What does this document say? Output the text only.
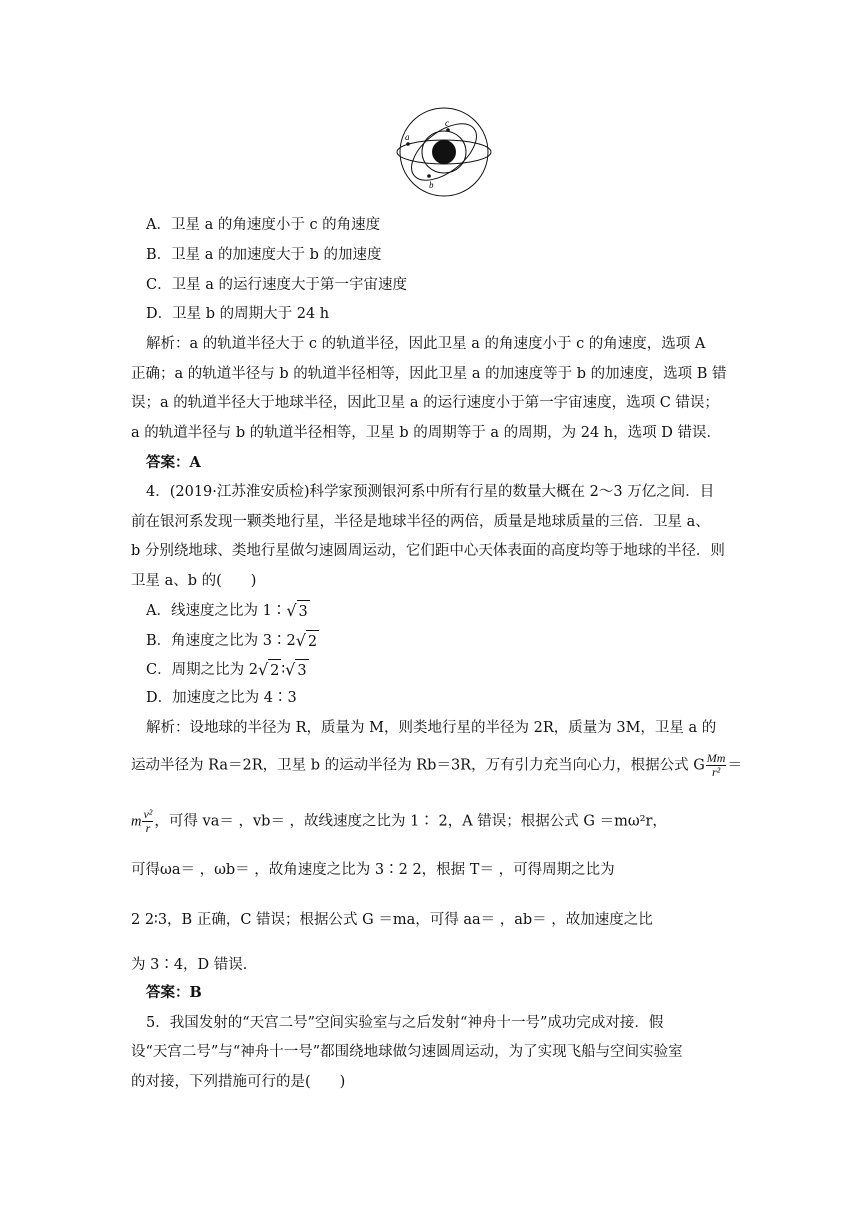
a
c
b
A．卫星 a 的角速度小于 c 的角速度
B．卫星 a 的加速度大于 b 的加速度
C．卫星 a 的运行速度大于第一宇宙速度
D．卫星 b 的周期大于 24 h
解析：a 的轨道半径大于 c 的轨道半径，因此卫星 a 的角速度小于 c 的角速度，选项 A
正确；a 的轨道半径与 b 的轨道半径相等，因此卫星 a 的加速度等于 b 的加速度，选项 B 错
误；a 的轨道半径大于地球半径，因此卫星 a 的运行速度小于第一宇宙速度，选项 C 错误；
a 的轨道半径与 b 的轨道半径相等，卫星 b 的周期等于 a 的周期，为 24 h，选项 D 错误．
答案：A
4．(2019·江苏淮安质检)科学家预测银河系中所有行星的数量大概在 2～3 万亿之间．目
前在银河系发现一颗类地行星，半径是地球半径的两倍，质量是地球质量的三倍．卫星 a、
b 分别绕地球、类地行星做匀速圆周运动，它们距中心天体表面的高度均等于地球的半径．则
卫星 a、b 的(　　)
A．线速度之比为 1∶√ 3
B．角速度之比为 3∶2√ 2
C．周期之比为 2√ 2 ∶√ 3
D．加速度之比为 4∶3
解析：设地球的半径为 R，质量为 M，则类地行星的半径为 2R，质量为 3M，卫星 a 的
运动半径为 Ra＝2R，卫星 b 的运动半径为 Rb＝3R，万有引力充当向心力，根据公式 G $\frac{Mm}{\text{r²}}$ ＝
m $\frac{\text{v²}}{r}$ ，可得 va＝ ，vb＝ ，故线速度之比为 1∶ 2，A 错误；根据公式 G ＝mω²r，
可得ωa＝ ，ωb＝ ，故角速度之比为 3∶2 2，根据 T＝ ，可得周期之比为
2 2∶3，B 正确，C 错误；根据公式 G ＝ma，可得 aa＝ ，ab＝ ，故加速度之比
为 3∶4，D 错误．
答案：B
5．我国发射的“天宫二号”空间实验室与之后发射“神舟十一号”成功完成对接．假
设“天宫二号”与“神舟十一号”都围绕地球做匀速圆周运动，为了实现飞船与空间实验室
的对接，下列措施可行的是(　　)
